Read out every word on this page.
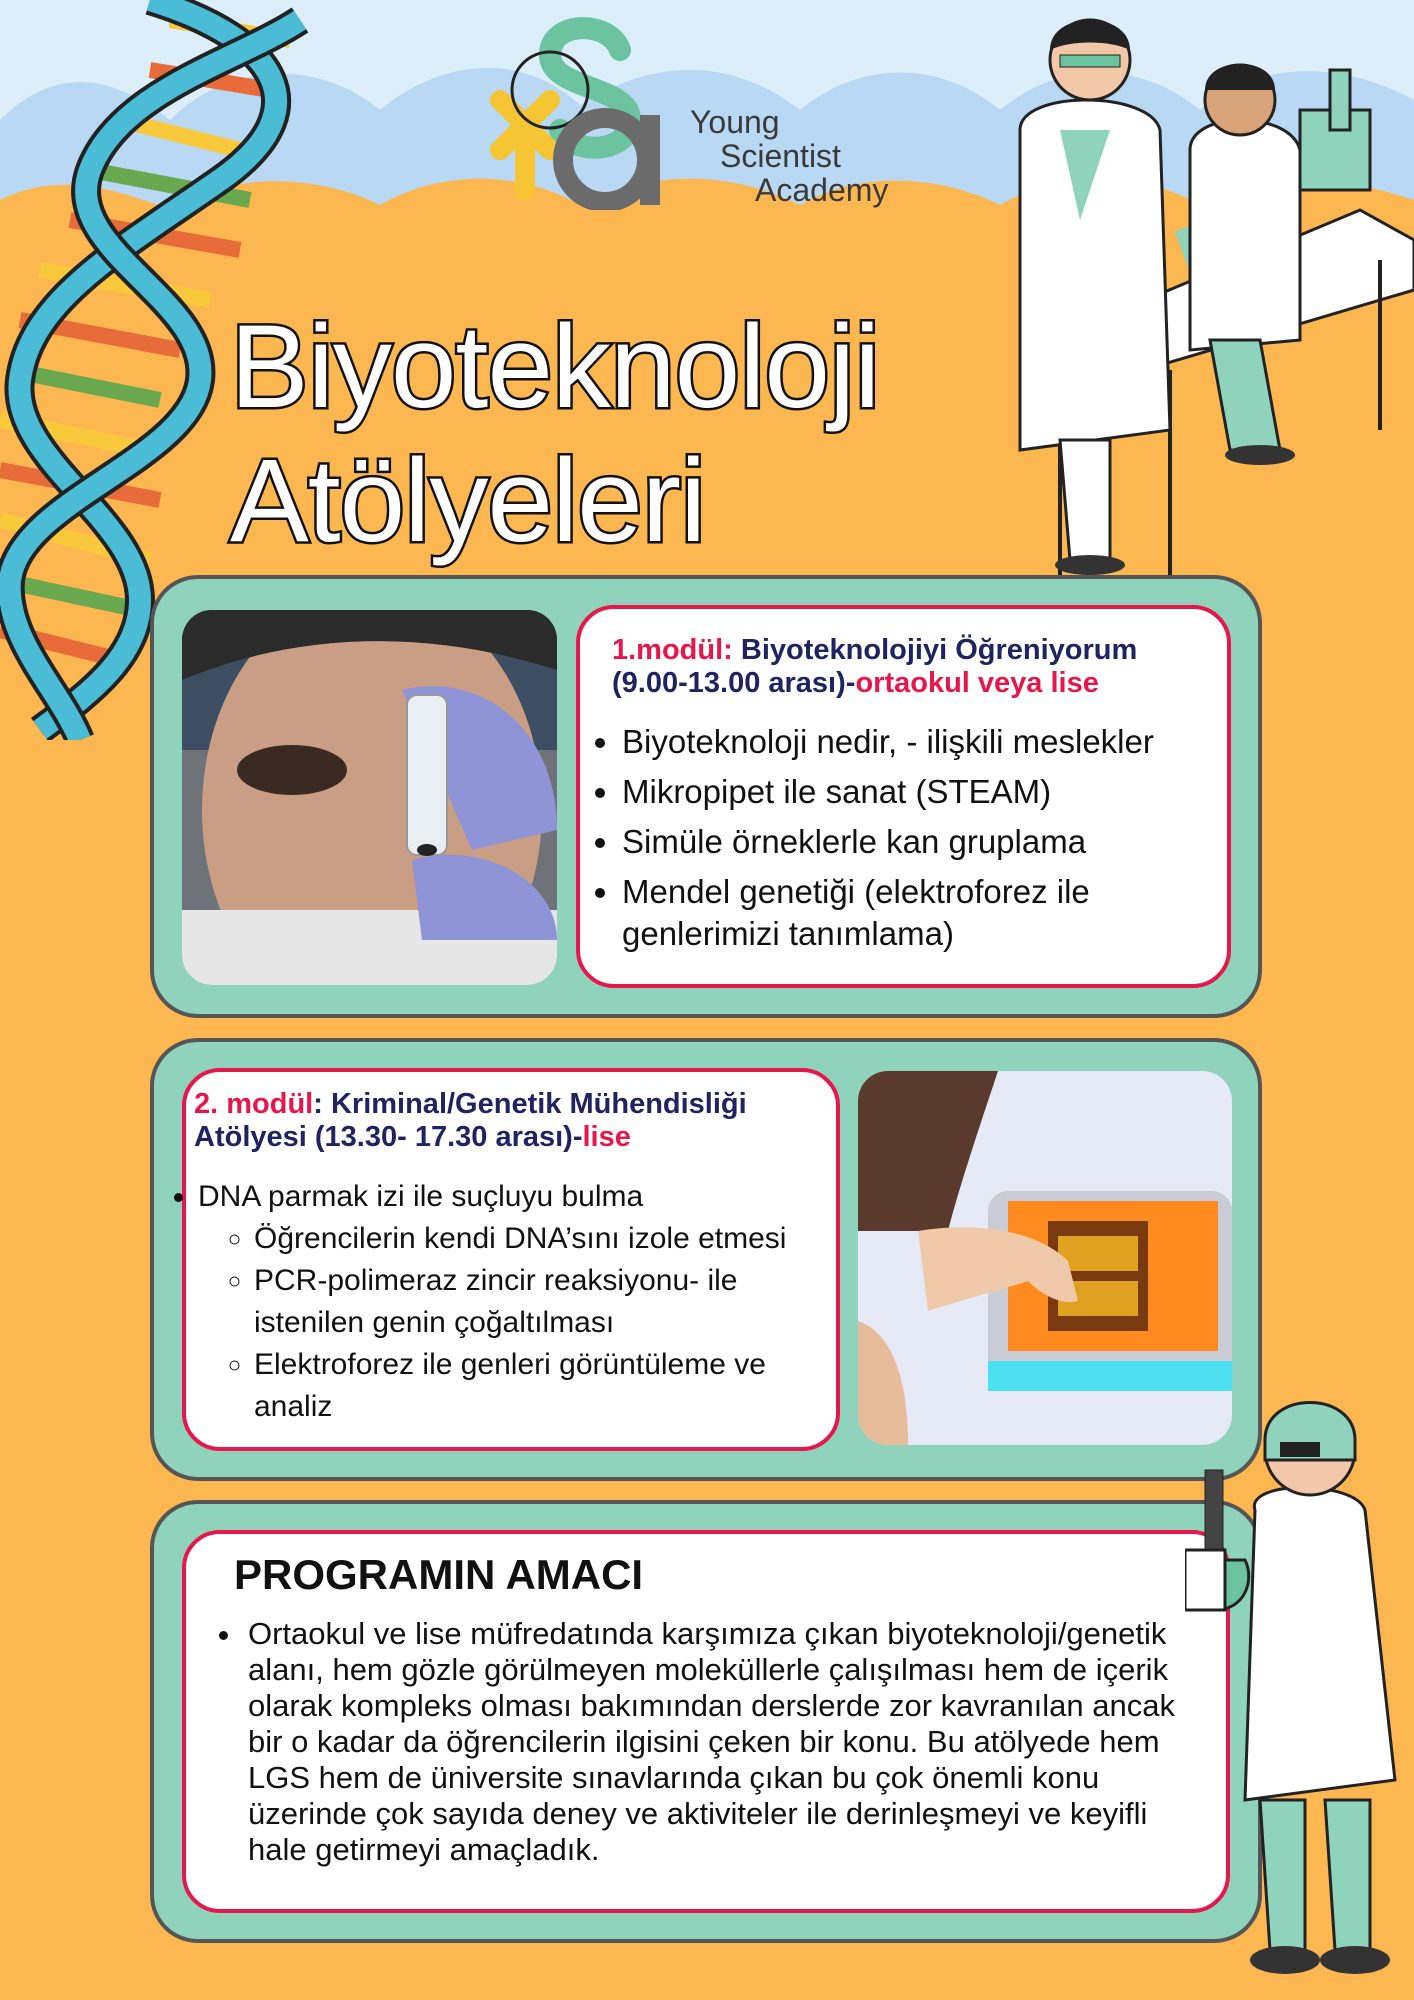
Young
Scientist
Academy
Biyoteknoloji
Atölyeleri
1.modül: Biyoteknolojiyi Öğreniyorum
(9.00-13.00 arası)-ortaokul veya lise
• Biyoteknoloji nedir, - ilişkili meslekler
• Mikropipet ile sanat (STEAM)
• Simüle örneklerle kan gruplama
• Mendel genetiği (elektroforez ile genlerimizi tanımlama)
2. modül: Kriminal/Genetik Mühendisliği
Atölyesi (13.30- 17.30 arası)-lise
• DNA parmak izi ile suçluyu bulma
◦ Öğrencilerin kendi DNA’sını izole etmesi
◦ PCR-polimeraz zincir reaksiyonu- ile istenilen genin çoğaltılması
◦ Elektroforez ile genleri görüntüleme ve analiz
PROGRAMIN AMACI
• Ortaokul ve lise müfredatında karşımıza çıkan biyoteknoloji/genetik alanı, hem gözle görülmeyen moleküllerle çalışılması hem de içerik olarak kompleks olması bakımından derslerde zor kavranılan ancak bir o kadar da öğrencilerin ilgisini çeken bir konu. Bu atölyede hem LGS hem de üniversite sınavlarında çıkan bu çok önemli konu üzerinde çok sayıda deney ve aktiviteler ile derinleşmeyi ve keyifli hale getirmeyi amaçladık.
